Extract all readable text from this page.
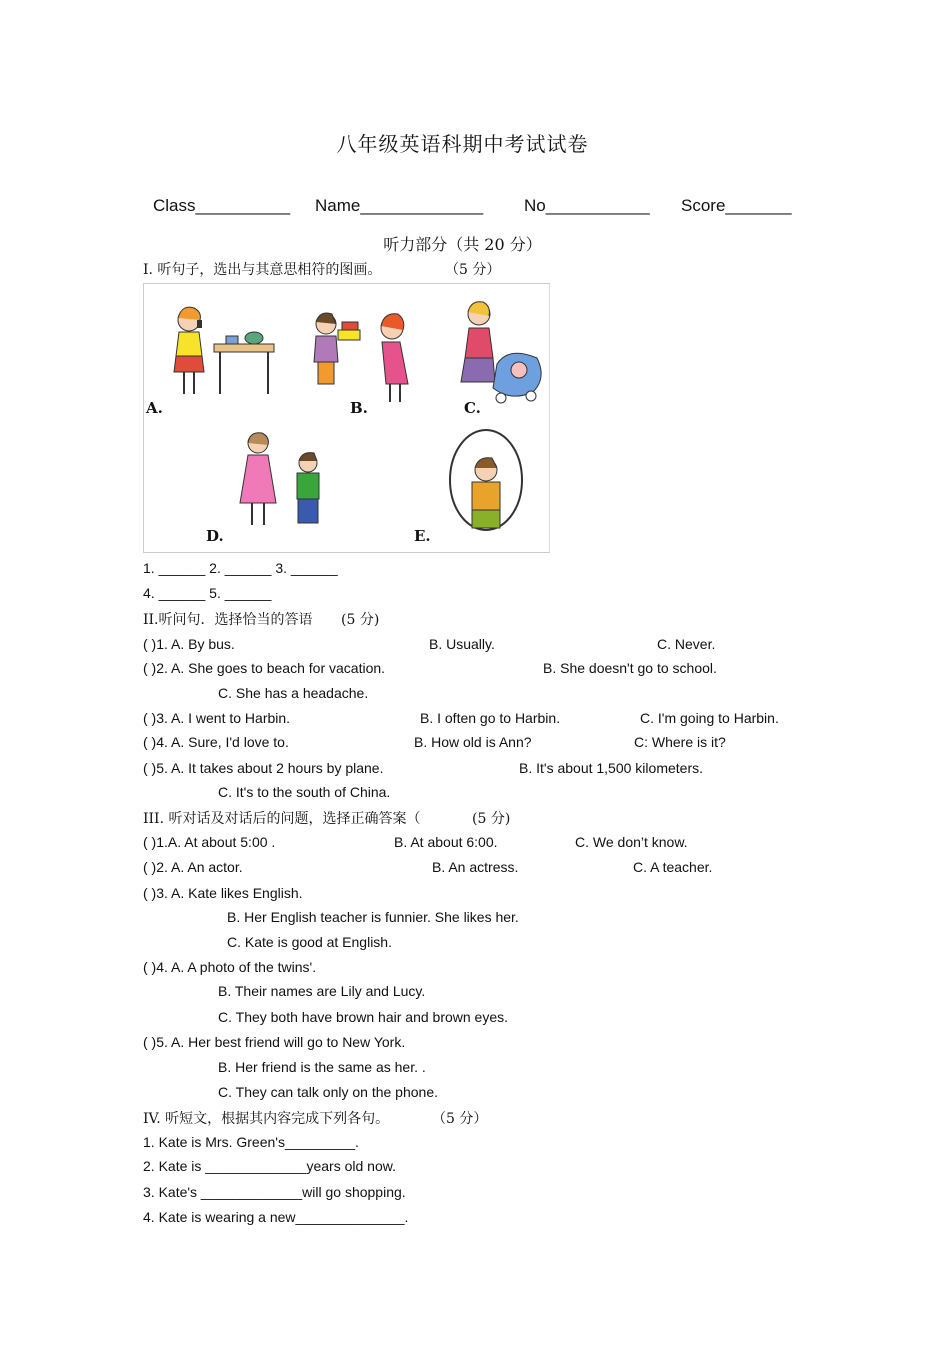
八年级英语科期中考试试卷
Class__________ Name_____________ No___________ Score_______
听力部分（共 20 分）
I. 听句子，选出与其意思相符的图画。	（5 分）
A.	B.	C.
D.	E.
1. ______ 2. ______ 3. ______
4. ______ 5. ______
II.听问句．选择恰当的答语 (5 分)
( )1. A. By bus.	B. Usually.	C. Never.
( )2. A. She goes to beach for vacation.	B. She doesn't go to school.
C. She has a headache.
( )3. A. I went to Harbin.	B. I often go to Harbin.	C. I'm going to Harbin.
( )4. A. Sure, I'd love to.	B. How old is Ann?	C: Where is it?
( )5. A. It takes about 2 hours by plane.	B. It's about 1,500 kilometers.
C. It's to the south of China.
III. 听对话及对话后的问题，选择正确答案（	(5 分)
( )1.A. At about 5:00 .	B. At about 6:00.	C. We don’t know.
( )2. A. An actor.	B. An actress.	C. A teacher.
( )3. A. Kate likes English.
B. Her English teacher is funnier. She likes her.
C. Kate is good at English.
( )4. A. A photo of the twins'.
B. Their names are Lily and Lucy.
C. They both have brown hair and brown eyes.
( )5. A. Her best friend will go to New York.
B. Her friend is the same as her. .
C. They can talk only on the phone.
IV. 听短文，根据其内容完成下列各句。	（5 分）
1. Kate is Mrs. Green's_________.
2. Kate is _____________years old now.
3. Kate's _____________will go shopping.
4. Kate is wearing a new______________.
